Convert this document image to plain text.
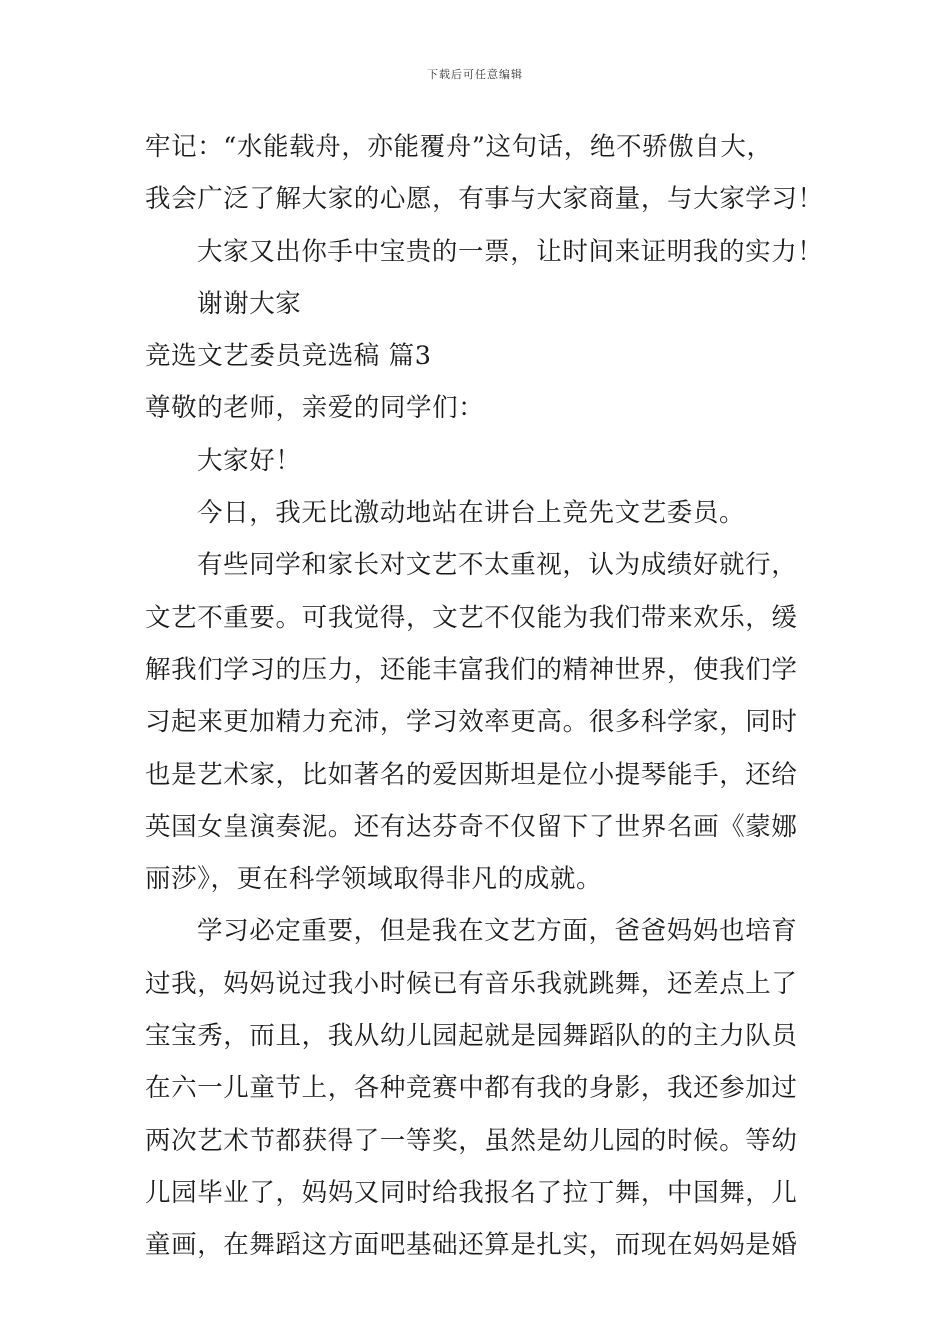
下载后可任意编辑
牢记：“水能载舟，亦能覆舟”这句话，绝不骄傲自大，
我会广泛了解大家的心愿，有事与大家商量，与大家学习！
大家又出你手中宝贵的一票，让时间来证明我的实力！
谢谢大家
竞选文艺委员竞选稿 篇3
尊敬的老师，亲爱的同学们：
大家好！
今日，我无比激动地站在讲台上竞先文艺委员。
有些同学和家长对文艺不太重视，认为成绩好就行，
文艺不重要。可我觉得，文艺不仅能为我们带来欢乐，缓
解我们学习的压力，还能丰富我们的精神世界，使我们学
习起来更加精力充沛，学习效率更高。很多科学家，同时
也是艺术家，比如著名的爱因斯坦是位小提琴能手，还给
英国女皇演奏泥。还有达芬奇不仅留下了世界名画《蒙娜
丽莎》，更在科学领域取得非凡的成就。
学习必定重要，但是我在文艺方面，爸爸妈妈也培育
过我，妈妈说过我小时候已有音乐我就跳舞，还差点上了
宝宝秀，而且，我从幼儿园起就是园舞蹈队的的主力队员
在六一儿童节上，各种竞赛中都有我的身影，我还参加过
两次艺术节都获得了一等奖，虽然是幼儿园的时候。等幼
儿园毕业了，妈妈又同时给我报名了拉丁舞，中国舞，儿
童画，在舞蹈这方面吧基础还算是扎实，而现在妈妈是婚
